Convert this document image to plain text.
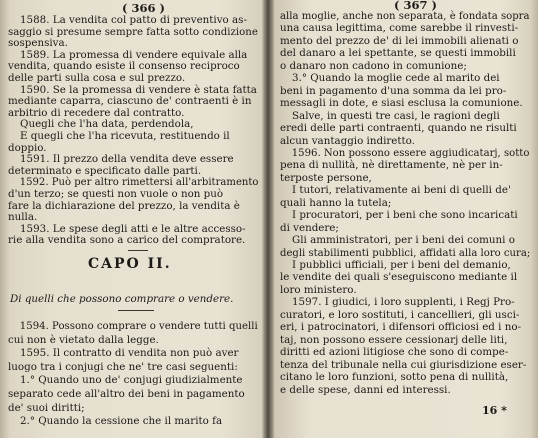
( 366 )
1588. La vendita col patto di preventivo as-
saggio si presume sempre fatta sotto condizione
sospensiva.
1589. La promessa di vendere equivale alla
vendita, quando esiste il consenso reciproco
delle parti sulla cosa e sul prezzo.
1590. Se la promessa di vendere è stata fatta
mediante caparra, ciascuno de' contraenti è in
arbitrio di recedere dal contratto.
Quegli che l'ha data, perdendola,
E quegli che l'ha ricevuta, restituendo il
doppio.
1591. Il prezzo della vendita deve essere
determinato e specificato dalle parti.
1592. Può per altro rimettersi all'arbitramento
d'un terzo; se questi non vuole o non può
fare la dichiarazione del prezzo, la vendita è
nulla.
1593. Le spese degli atti e le altre accesso-
rie alla vendita sono a carico del compratore.
CAPO II.
Di quelli che possono comprare o vendere.
1594. Possono comprare o vendere tutti quelli
cui non è vietato dalla legge.
1595. Il contratto di vendita non può aver
luogo tra i conjugi che ne' tre casi seguenti:
1.° Quando uno de' conjugi giudizialmente
separato cede all'altro dei beni in pagamento
de' suoi diritti;
2.° Quando la cessione che il marito fa
( 367 )
alla moglie, anche non separata, è fondata sopra
una causa legittima, come sarebbe il rinvesti-
mento del prezzo de' di lei immobili alienati o
del danaro a lei spettante, se questi immobili
o danaro non cadono in comunione;
3.° Quando la moglie cede al marito dei
beni in pagamento d'una somma da lei pro-
messagli in dote, e siasi esclusa la comunione.
Salve, in questi tre casi, le ragioni degli
eredi delle parti contraenti, quando ne risulti
alcun vantaggio indiretto.
1596. Non possono essere aggiudicatarj, sotto
pena di nullità, nè direttamente, nè per in-
terposte persone,
I tutori, relativamente ai beni di quelli de'
quali hanno la tutela;
I procuratori, per i beni che sono incaricati
di vendere;
Gli amministratori, per i beni dei comuni o
degli stabilimenti pubblici, affidati alla loro cura;
I pubblici ufficiali, per i beni del demanio,
le vendite dei quali s'eseguiscono mediante il
loro ministero.
1597. I giudici, i loro supplenti, i Regj Pro-
curatori, e loro sostituti, i cancellieri, gli usci-
eri, i patrocinatori, i difensori officiosi ed i no-
taj, non possono essere cessionarj delle liti,
diritti ed azioni litigiose che sono di compe-
tenza del tribunale nella cui giurisdizione eser-
citano le loro funzioni, sotto pena di nullità,
e delle spese, danni ed interessi.
16 *
